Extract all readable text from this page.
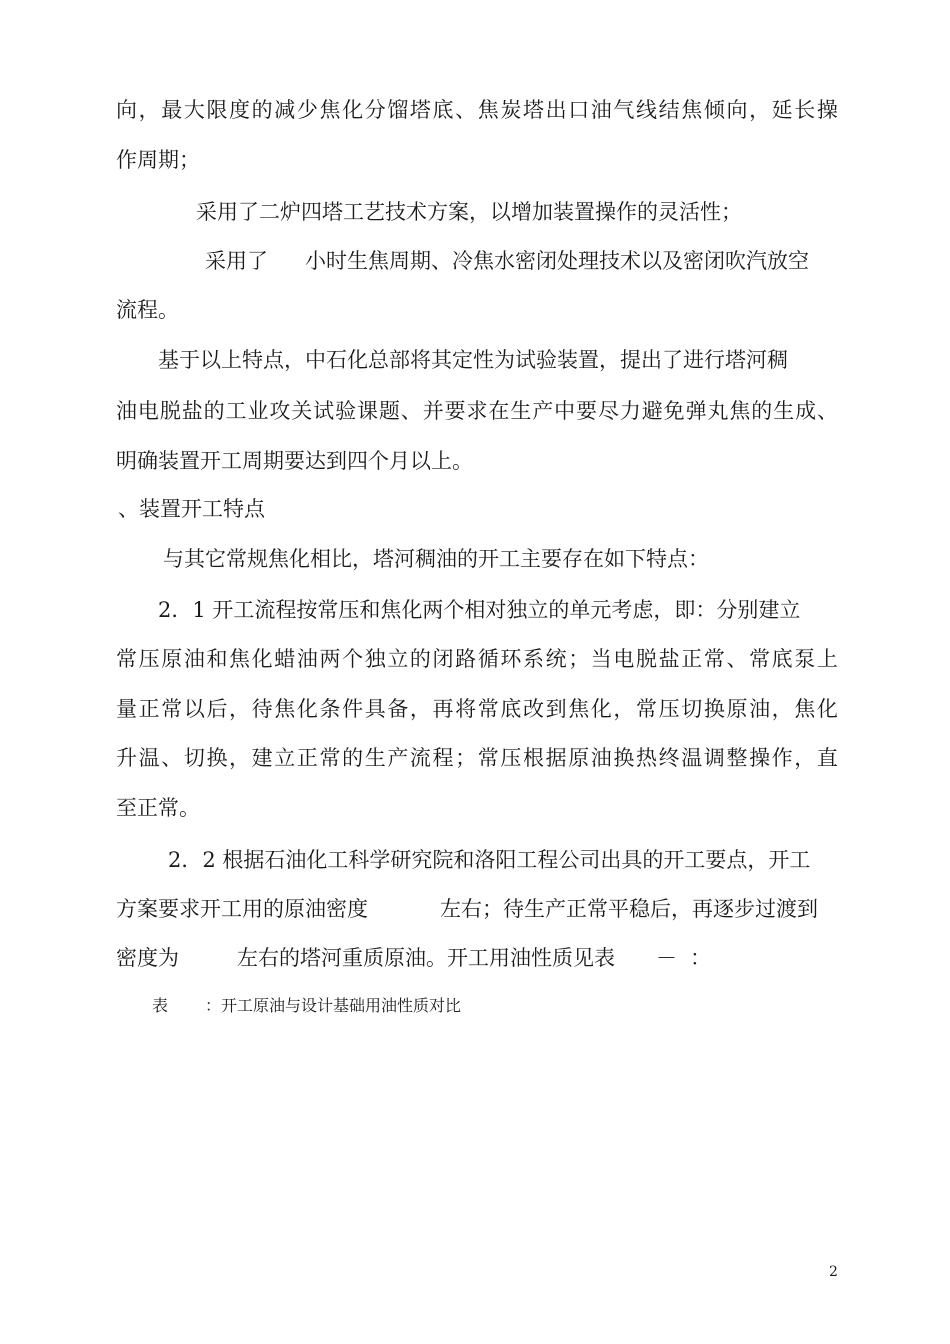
向 ， 最 大 限 度 的 减 少 焦 化 分 馏 塔 底 、 焦 炭 塔 出 口 油 气 线 结 焦 倾 向 ， 延 长 操
作周期；
采用了二炉四塔工艺技术方案，以增加装置操作的灵活性；
采用了 小时生焦周期、冷焦水密闭处理技术以及密闭吹汽放空
流程。
基于以上特点，中石化总部将其定性为试验装置，提出了进行塔河稠
油 电 脱 盐 的 工 业 攻 关 试 验 课 题 、 并 要 求 在 生 产 中 要 尽 力 避 免 弹 丸 焦 的 生 成 、
明确装置开工周期要达到四个月以上。
、装置开工特点
与其它常规焦化相比，塔河稠油的开工主要存在如下特点：
2．1 开工流程按常压和焦化两个相对独立的单元考虑，即：分别建立
常 压 原 油 和 焦 化 蜡 油 两 个 独 立 的 闭 路 循 环 系 统 ； 当 电 脱 盐 正 常 、 常 底 泵 上
量 正 常 以 后 ， 待 焦 化 条 件 具 备 ， 再 将 常 底 改 到 焦 化 ， 常 压 切 换 原 油 ， 焦 化
升 温 、 切 换 ， 建 立 正 常 的 生 产 流 程 ； 常 压 根 据 原 油 换 热 终 温 调 整 操 作 ， 直
至正常。
2．2 根据石油化工科学研究院和洛阳工程公司出具的开工要点，开工
方案要求开工用的原油密度	左右；待生产正常平稳后，再逐步过渡到
密度为	左右的塔河重质原油。开工用油性质见表 － ：
表 ：开工原油与设计基础用油性质对比
2
